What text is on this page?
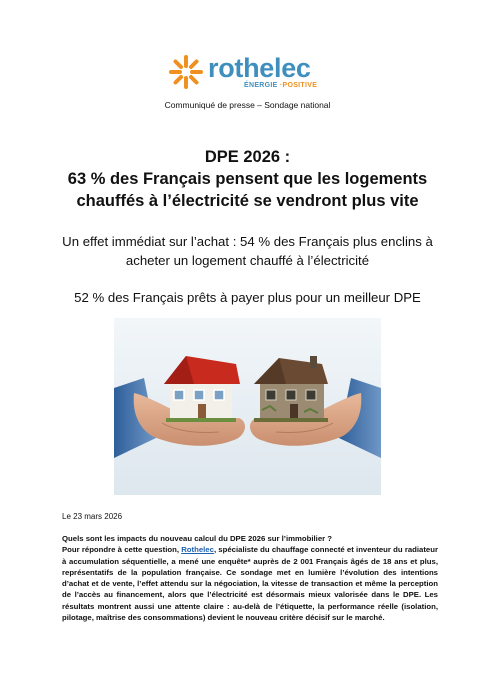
rothelec
ÉNERGIE ·POSITIVE
Communiqué de presse – Sondage national
DPE 2026 :
63 % des Français pensent que les logements
chauffés à l’électricité se vendront plus vite
Un effet immédiat sur l’achat : 54 % des Français plus enclins à
acheter un logement chauffé à l’électricité
52 % des Français prêts à payer plus pour un meilleur DPE
Le 23 mars 2026

Quels sont les impacts du nouveau calcul du DPE 2026 sur l’immobilier ?

Pour répondre à cette question, Rothelec, spécialiste du chauffage connecté et inventeur du radiateur à accumulation séquentielle, a mené une enquête* auprès de 2 001 Français âgés de 18 ans et plus, représentatifs de la population française. Ce sondage met en lumière l’évolution des intentions d’achat et de vente, l’effet attendu sur la négociation, la vitesse de transaction et même la perception de l’accès au financement, alors que l’électricité est désormais mieux valorisée dans le DPE. Les résultats montrent aussi une attente claire : au-delà de l’étiquette, la performance réelle (isolation, pilotage, maîtrise des consommations) devient le nouveau critère décisif sur le marché.
